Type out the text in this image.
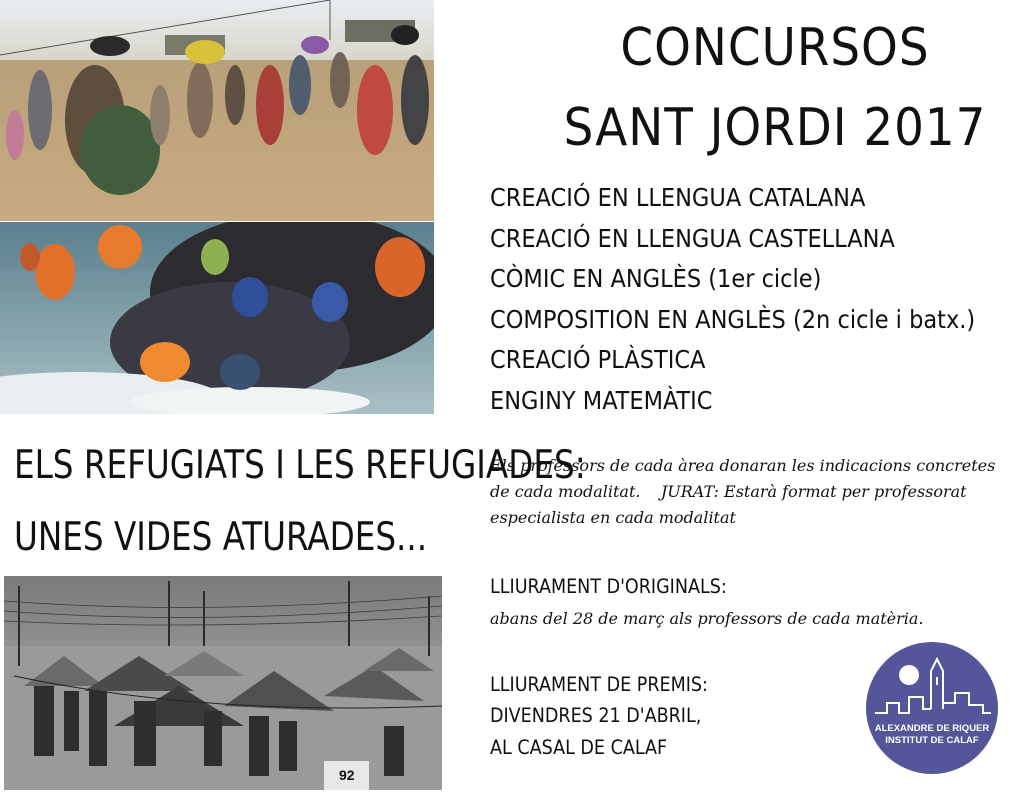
92
CONCURSOS
SANT JORDI 2017
CREACIÓ EN LLENGUA CATALANA
CREACIÓ EN LLENGUA CASTELLANA
CÒMIC EN ANGLÈS (1er cicle)
COMPOSITION EN ANGLÈS (2n cicle i batx.)
CREACIÓ PLÀSTICA
ENGINY MATEMÀTIC
ELS REFUGIATS I LES REFUGIADES:
UNES VIDES ATURADES...
Els professors de cada àrea donaran les indicacions concretes de cada modalitat.    JURAT: Estarà format per professorat especialista en cada modalitat
LLIURAMENT D'ORIGINALS:
abans del 28 de març als professors de cada matèria.
LLIURAMENT DE PREMIS:
DIVENDRES 21 D'ABRIL,
AL CASAL DE CALAF
ALEXANDRE DE RIQUER
INSTITUT DE CALAF
